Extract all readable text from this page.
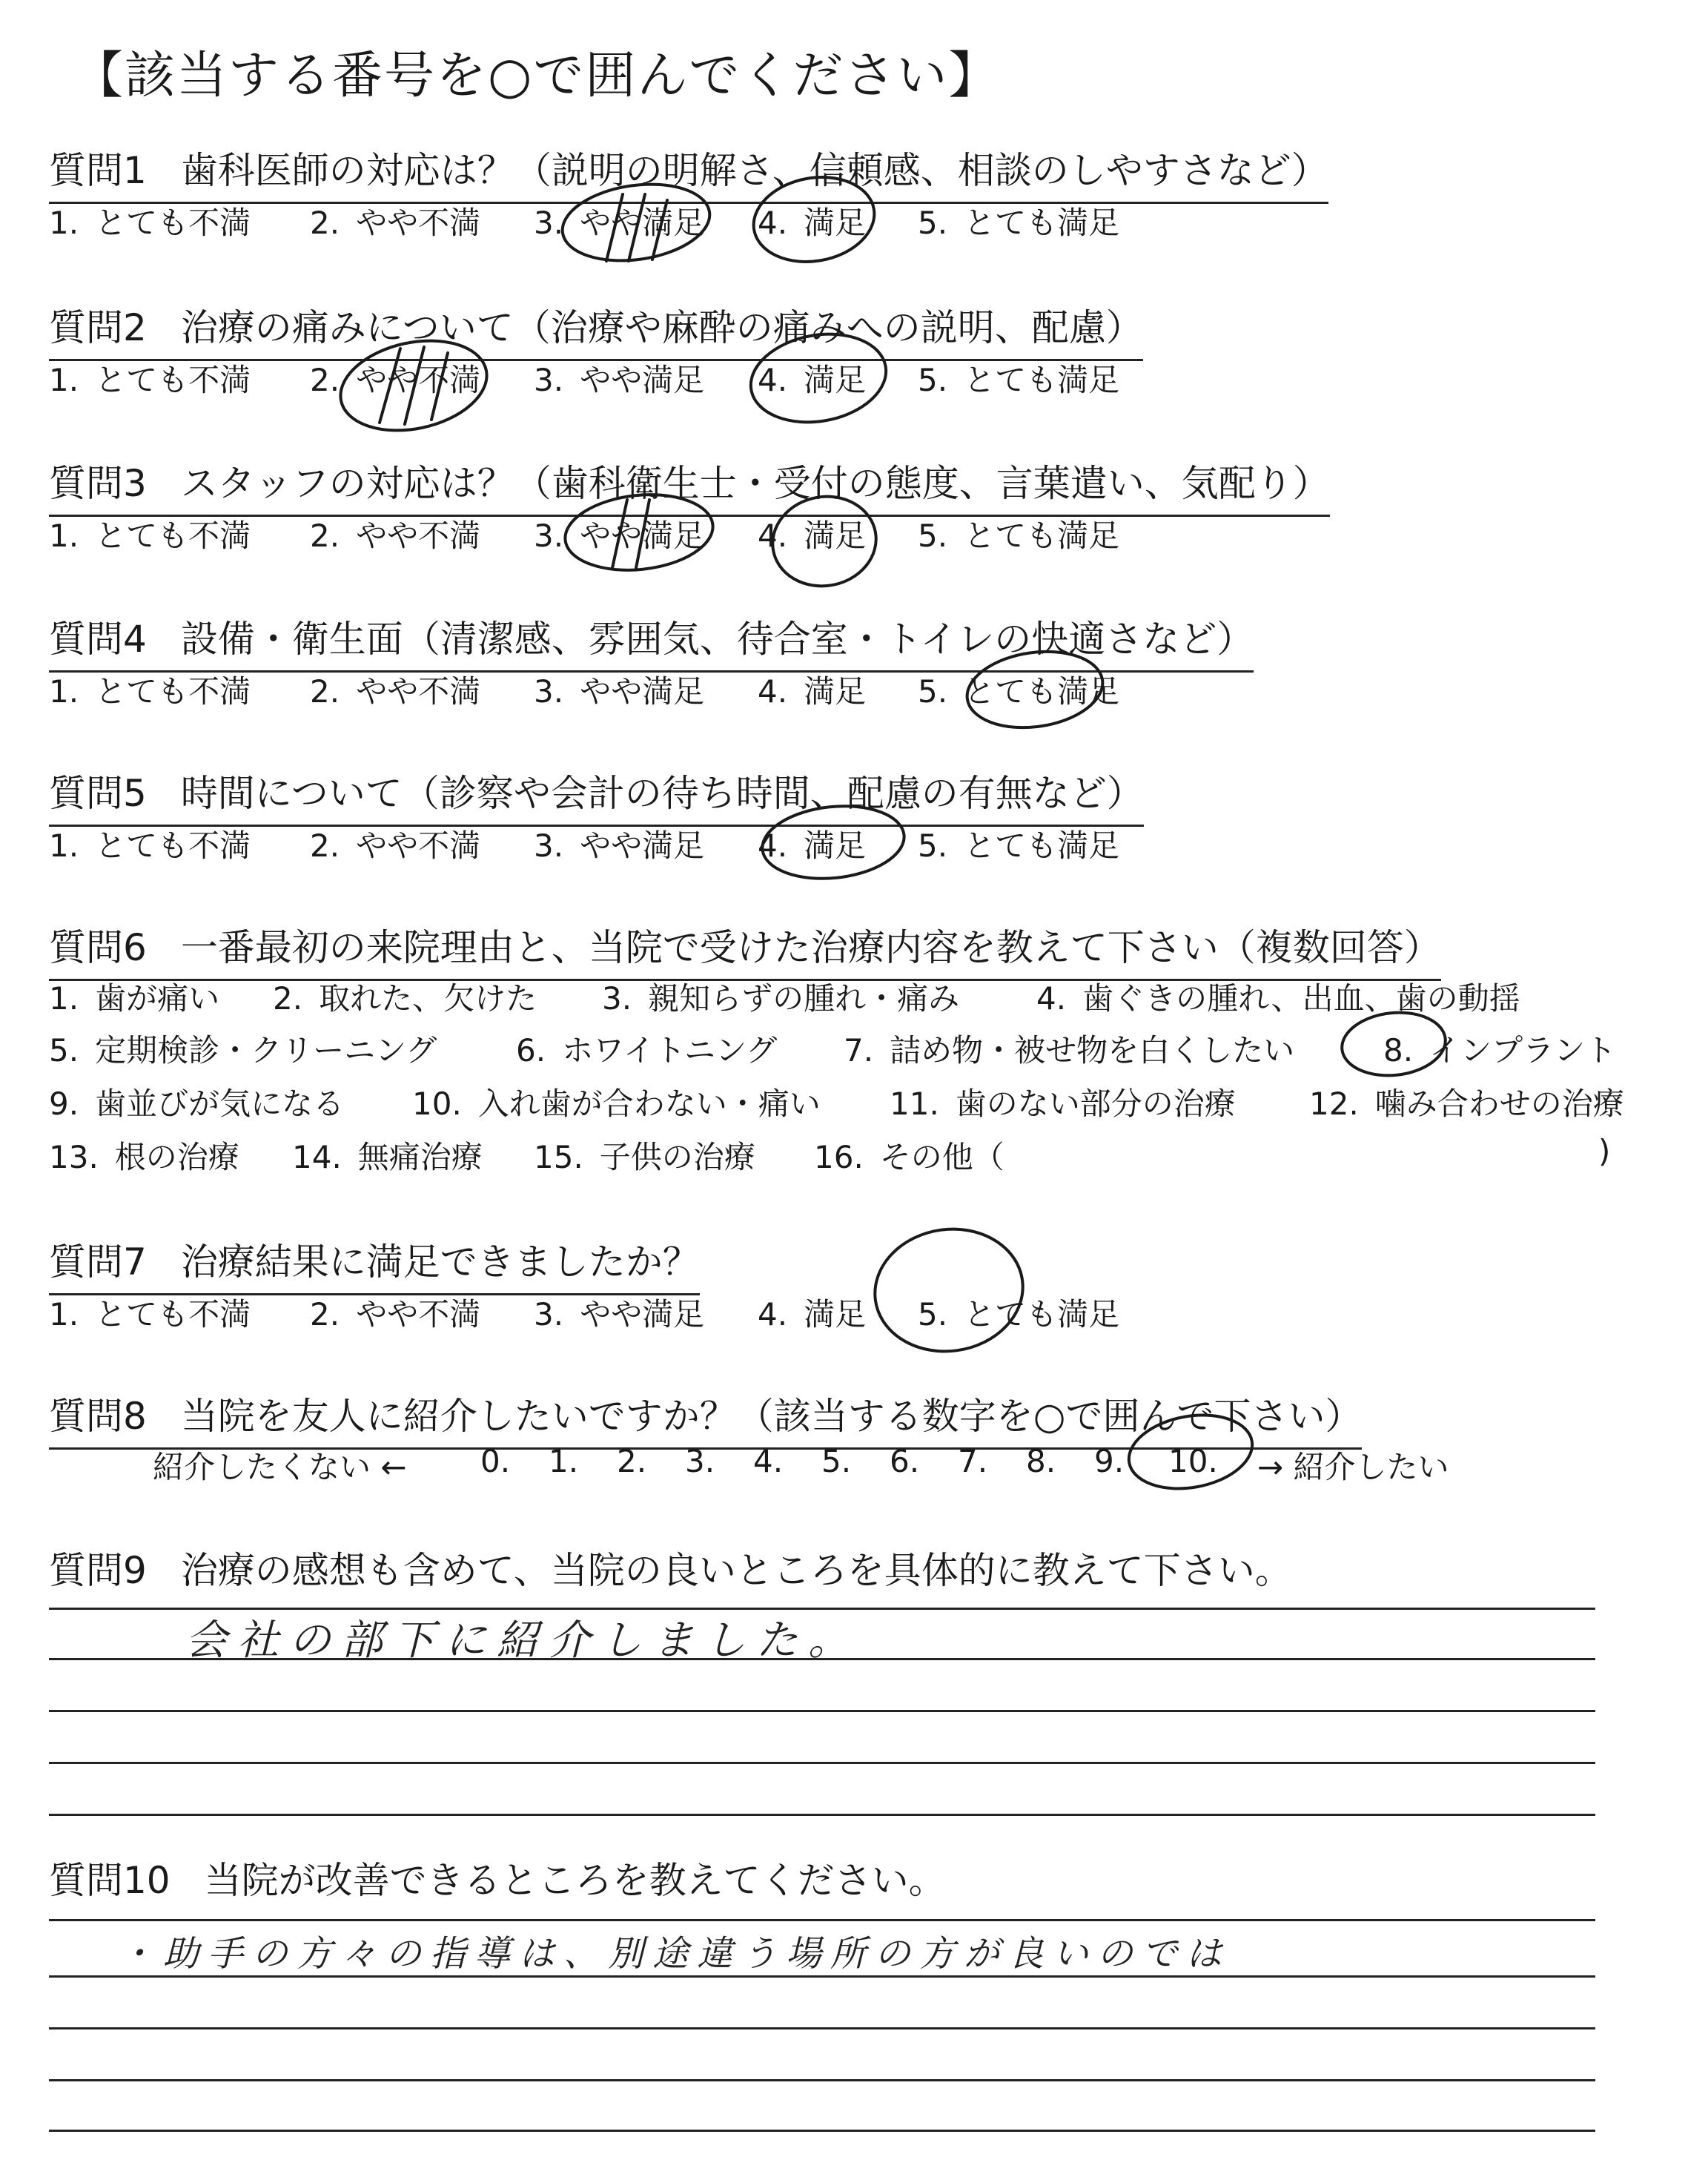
【該当する番号を○で囲んでください】
質問1 歯科医師の対応は？（説明の明解さ、信頼感、相談のしやすさなど）
1. とても不満 2. やや不満 3. やや満足 4. 満足 5. とても満足
質問2 治療の痛みについて（治療や麻酔の痛みへの説明、配慮）
1. とても不満 2. やや不満 3. やや満足 4. 満足 5. とても満足
質問3 スタッフの対応は？（歯科衛生士・受付の態度、言葉遣い、気配り）
1. とても不満 2. やや不満 3. やや満足 4. 満足 5. とても満足
質問4 設備・衛生面（清潔感、雰囲気、待合室・トイレの快適さなど）
1. とても不満 2. やや不満 3. やや満足 4. 満足 5. とても満足
質問5 時間について（診察や会計の待ち時間、配慮の有無など）
1. とても不満 2. やや不満 3. やや満足 4. 満足 5. とても満足
質問6 一番最初の来院理由と、当院で受けた治療内容を教えて下さい（複数回答）
1. 歯が痛い 2. 取れた、欠けた 3. 親知らずの腫れ・痛み 4. 歯ぐきの腫れ、出血、歯の動揺
5. 定期検診・クリーニング	6. ホワイトニング 7. 詰め物・被せ物を白くしたい	8. インプラント
9. 歯並びが気になる 10. 入れ歯が合わない・痛い 11. 歯のない部分の治療 12. 噛み合わせの治療
13. 根の治療 14. 無痛治療 15. 子供の治療 16. その他（	)
質問7 治療結果に満足できましたか？
1. とても不満 2. やや不満 3. やや満足 4. 満足 5. とても満足
質問8 当院を友人に紹介したいですか？（該当する数字を○で囲んで下さい）
紹介したくない ← 0. 1. 2. 3. 4. 5. 6. 7. 8. 9. 10. → 紹介したい
質問9 治療の感想も含めて、当院の良いところを具体的に教えて下さい。
会社の部下に紹介しました。
質問10 当院が改善できるところを教えてください。
・助手の方々の指導は、別途違う場所の方が良いのでは
